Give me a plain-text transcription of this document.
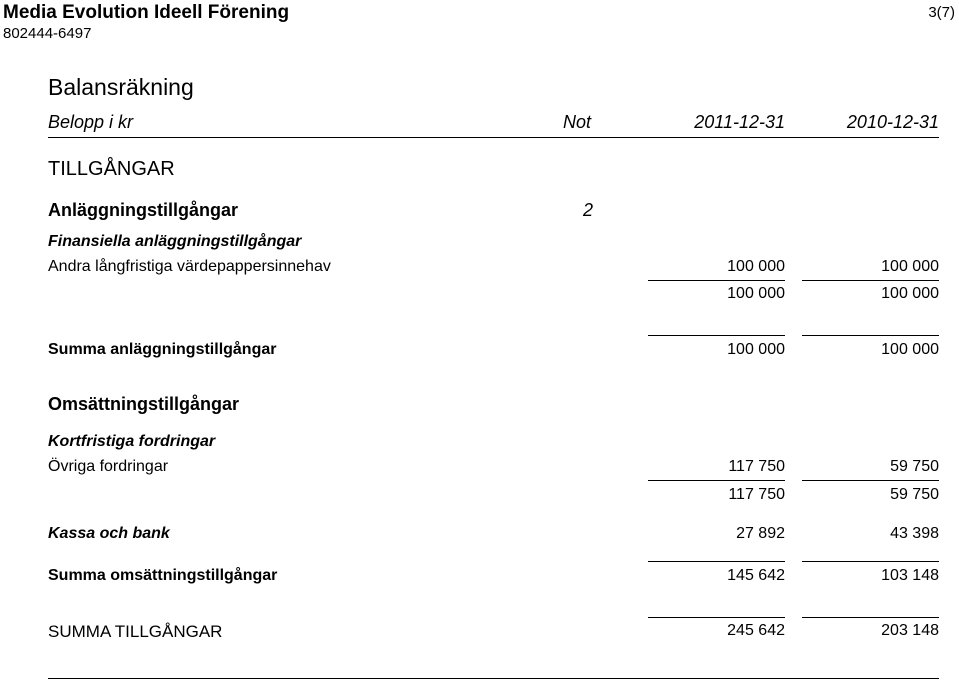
Media Evolution Ideell Förening
802444-6497
3(7)
Balansräkning
Belopp i kr	Not	2011-12-31	2010-12-31
TILLGÅNGAR
Anläggningstillgångar	2
Finansiella anläggningstillgångar
Andra långfristiga värdepappersinnehav	100 000	100 000
100 000	100 000
Summa anläggningstillgångar	100 000	100 000
Omsättningstillgångar
Kortfristiga fordringar
Övriga fordringar	117 750	59 750
117 750	59 750
Kassa och bank	27 892	43 398
Summa omsättningstillgångar	145 642	103 148
SUMMA TILLGÅNGAR	245 642	203 148
